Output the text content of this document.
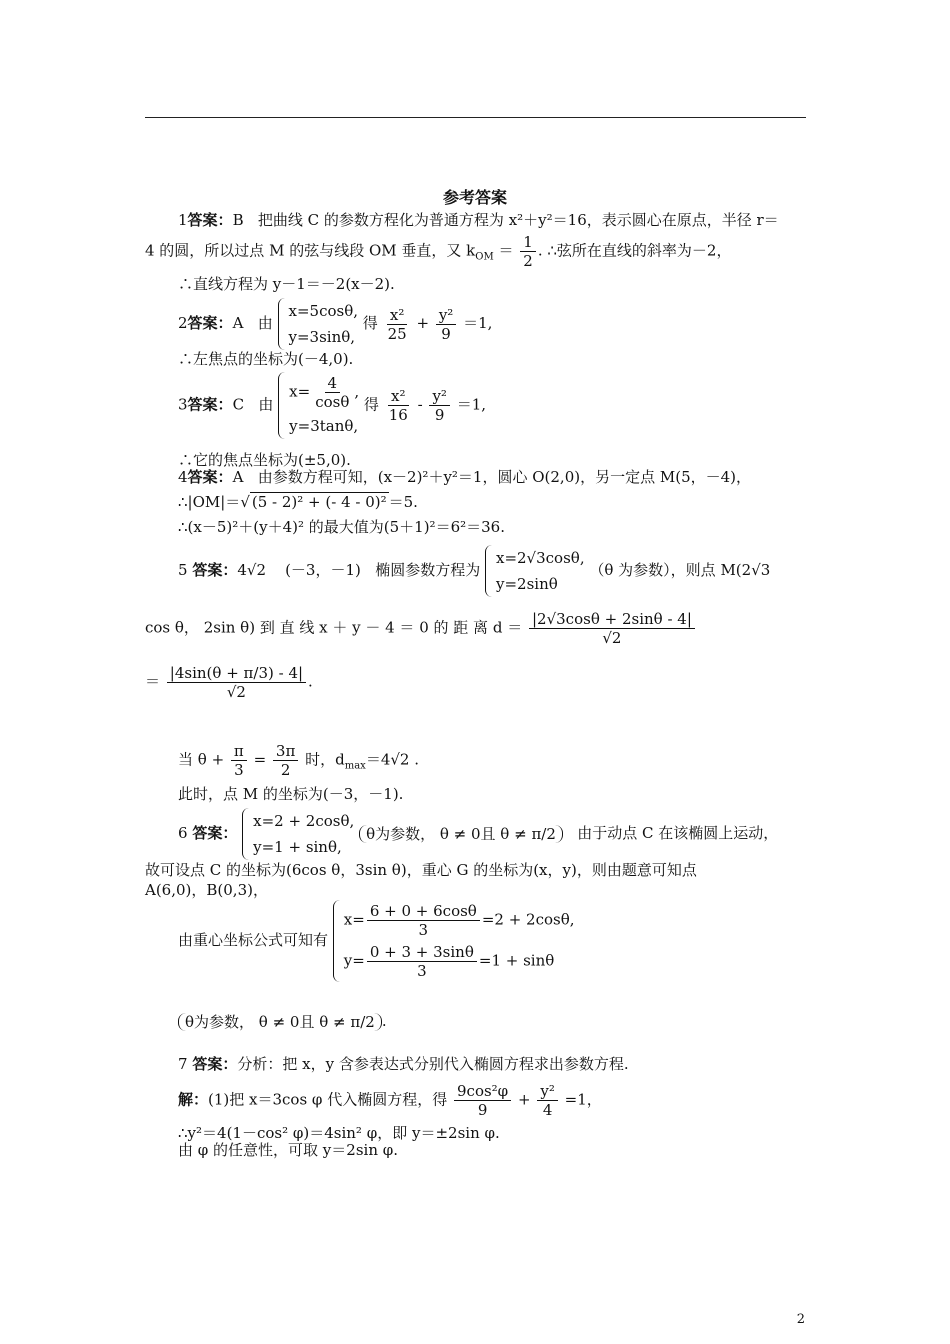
参考答案
1答案：B 把曲线 C 的参数方程化为普通方程为 x²＋y²＝16，表示圆心在原点，半径 r＝
4 的圆，所以过点 M 的弦与线段 OM 垂直，又 $k_{OM} = \frac{1}{2}$ . ∴弦所在直线的斜率为－2，
∴直线方程为 y－1＝－2(x－2).
2答案：A 由
x=5cosθ,
y=3sinθ,
得 $\frac{\text{x²}}{25} + \frac{\text{y²}}{9} =1$,
∴左焦点的坐标为(－4,0).
3答案：C 由
$x= \frac{4}{\cos\theta}$ ,
y=3tanθ,
得 $\frac{\text{x²}}{16} - \frac{\text{y²}}{9} =1$,
∴它的焦点坐标为(±5,0).
4答案：A 由参数方程可知，(x－2)²＋y²＝1，圆心 O(2,0)，另一定点 M(5，－4)，
∴|OM|＝√ (5 - 2)² + (- 4 - 0)² ＝5.
∴(x－5)²＋(y＋4)² 的最大值为(5＋1)²＝6²＝36.
5 答案：4√2 (－3，－1) 椭圆参数方程为
x=2√3cosθ,
y=2sinθ
（θ 为参数），则点 M(2√3
cos θ， 2sin θ) 到 直 线 x ＋ y － 4 ＝ 0 的 距 离 $d = \frac{|2√3\cos\theta + 2\sin\theta - 4|}{√2}$
＝ $\frac{|4\sin(\theta + \pi/3) - 4|}{√2}$ .
当 $\theta + \frac{\pi}{3} = \frac{3\pi}{2}$ 时，$d_{max}=4√2$ .
此时，点 M 的坐标为(－3，－1).
6 答案：
x=2 + 2cosθ,
y=1 + sinθ,
θ为参数， θ ≠ 0且 θ ≠ π/2 由于动点 C 在该椭圆上运动，
故可设点 C 的坐标为(6cos θ，3sin θ)，重心 G 的坐标为(x，y)，则由题意可知点
A(6,0)，B(0,3)，
由重心坐标公式可知有
$x= \frac{6 + 0 + 6\cos\theta}{3} =2 + 2\cos\theta$,
$y= \frac{0 + 3 + 3\sin\theta}{3} =1 + \sin\theta$
θ为参数， θ ≠ 0且 θ ≠ π/2 .
7 答案：分析：把 x，y 含参表达式分别代入椭圆方程求出参数方程.
解：(1)把 x＝3cos φ 代入椭圆方程，得 $\frac{\text{9cos²φ}}{9} + \frac{\text{y²}}{4} =1$，
∴y²＝4(1－cos² φ)＝4sin² φ，即 y＝±2sin φ.
由 φ 的任意性，可取 y＝2sin φ.
2
